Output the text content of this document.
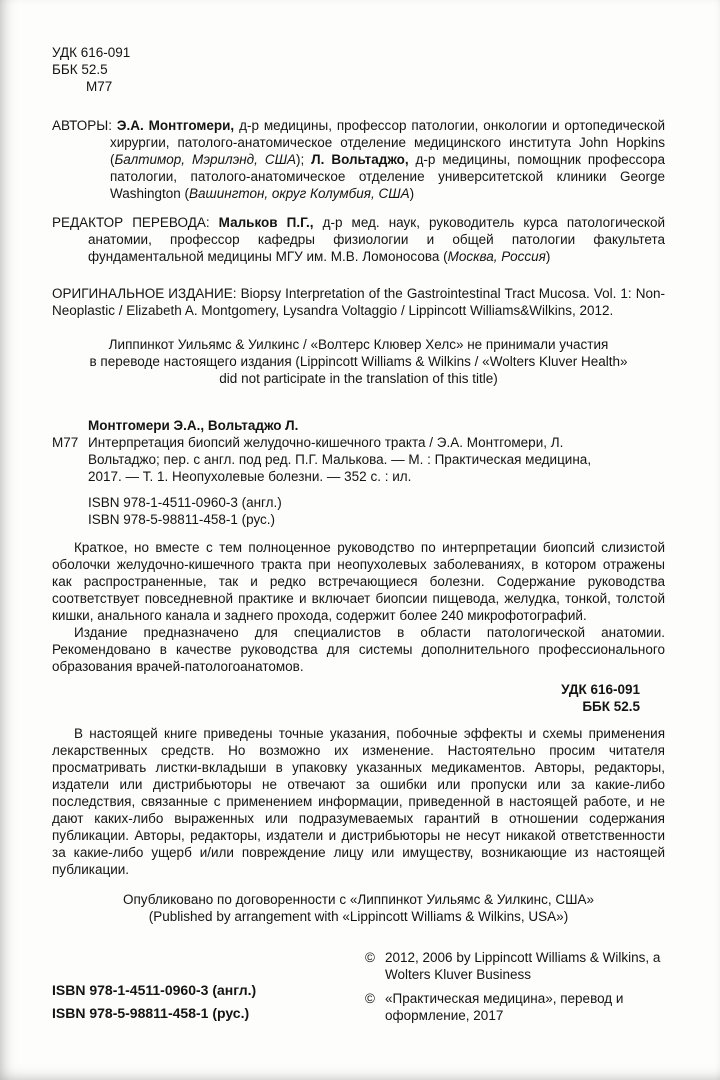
УДК 616-091
ББК 52.5
М77

АВТОРЫ: Э.А. Монтгомери, д-р медицины, профессор патологии, онкологии и ортопедической хирургии, патолого-анатомическое отделение медицинского института John Hopkins (Балтимор, Мэрилэнд, США); Л. Вольтаджо, д-р медицины, помощник профессора патологии, патолого-анатомическое отделение университетской клиники George Washington (Вашингтон, округ Колумбия, США)

РЕДАКТОР ПЕРЕВОДА: Мальков П.Г., д-р мед. наук, руководитель курса патологической анатомии, профессор кафедры физиологии и общей патологии факультета фундаментальной медицины МГУ им. М.В. Ломоносова (Москва, Россия)

ОРИГИНАЛЬНОЕ ИЗДАНИЕ: Biopsy Interpretation of the Gastrointestinal Tract Mucosa. Vol. 1: Non-Neoplastic / Elizabeth A. Montgomery, Lysandra Voltaggio / Lippincott Williams&Wilkins, 2012.

Липпинкот Уильямс & Уилкинс / «Волтерс Клювер Хелс» не принимали участия
в переводе настоящего издания (Lippincott Williams & Wilkins / «Wolters Kluver Health»
did not participate in the translation of this title)
Монтгомери Э.А., Вольтаджо Л.
М77 Интерпретация биопсий желудочно-кишечного тракта / Э.А. Монтгомери, Л. Вольтаджо; пер. с англ. под ред. П.Г. Малькова. — М. : Практическая медицина, 2017. — Т. 1. Неопухолевые болезни. — 352 с. : ил.

ISBN 978-1-4511-0960-3 (англ.)
ISBN 978-5-98811-458-1 (рус.)

Краткое, но вместе с тем полноценное руководство по интерпретации биопсий слизистой оболочки желудочно-кишечного тракта при неопухолевых заболеваниях, в котором отражены как распространенные, так и редко встречающиеся болезни. Содержание руководства соответствует повседневной практике и включает биопсии пищевода, желудка, тонкой, толстой кишки, анального канала и заднего прохода, содержит более 240 микрофотографий.

Издание предназначено для специалистов в области патологической анатомии. Рекомендовано в качестве руководства для системы дополнительного профессионального образования врачей-патологоанатомов.

УДК 616-091
ББК 52.5

В настоящей книге приведены точные указания, побочные эффекты и схемы применения лекарственных средств. Но возможно их изменение. Настоятельно просим читателя просматривать листки-вкладыши в упаковку указанных медикаментов. Авторы, редакторы, издатели или дистрибьюторы не отвечают за ошибки или пропуски или за какие-либо последствия, связанные с применением информации, приведенной в настоящей работе, и не дают каких-либо выраженных или подразумеваемых гарантий в отношении содержания публикации. Авторы, редакторы, издатели и дистрибьюторы не несут никакой ответственности за какие-либо ущерб и/или повреждение лицу или имуществу, возникающие из настоящей публикации.

Опубликовано по договоренности с «Липпинкот Уильямс & Уилкинс, США»
(Published by arrangement with «Lippincott Williams & Wilkins, USA»)
ISBN 978-1-4511-0960-3 (англ.)
ISBN 978-5-98811-458-1 (рус.)
© 2012, 2006 by Lippincott Williams & Wilkins, a Wolters Kluver Business
© «Практическая медицина», перевод и оформление, 2017
